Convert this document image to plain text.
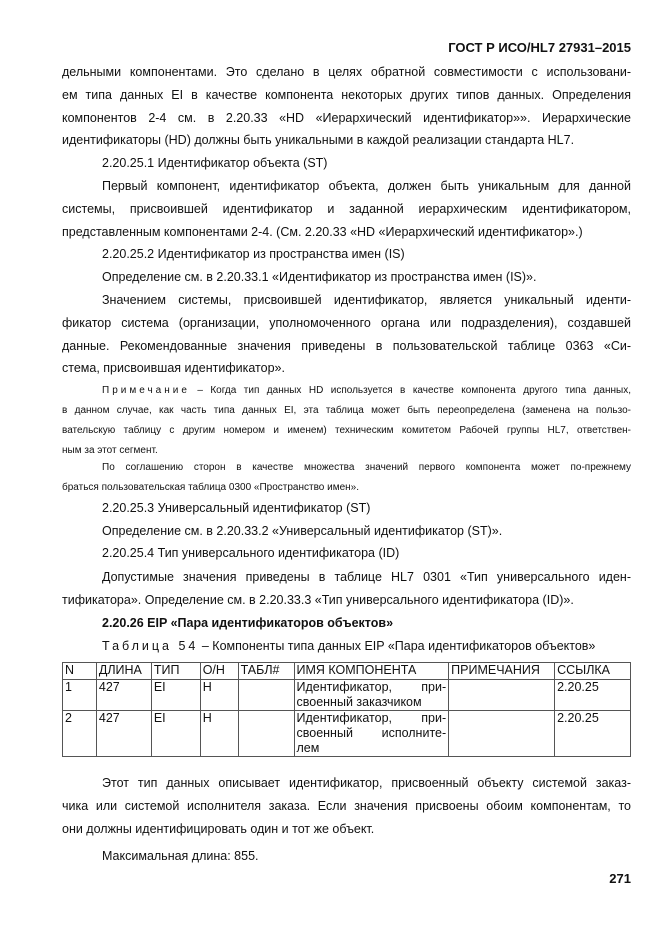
ГОСТ Р ИСО/HL7 27931–2015
дельными компонентами. Это сделано в целях обратной совместимости с использовани-
ем типа данных EI в качестве компонента некоторых других типов данных. Определения
компонентов 2-4 см. в 2.20.33 «HD «Иерархический идентификатор»». Иерархические
идентификаторы (HD) должны быть уникальными в каждой реализации стандарта HL7.
2.20.25.1 Идентификатор объекта (ST)
Первый компонент, идентификатор объекта, должен быть уникальным для данной
системы, присвоившей идентификатор и заданной иерархическим идентификатором,
представленным компонентами 2-4. (См. 2.20.33 «HD «Иерархический идентификатор».)
2.20.25.2 Идентификатор из пространства имен (IS)
Определение см. в 2.20.33.1 «Идентификатор из пространства имен (IS)».
Значением системы, присвоившей идентификатор, является уникальный иденти-
фикатор система (организации, уполномоченного органа или подразделения), создавшей
данные. Рекомендованные значения приведены в пользовательской таблице 0363 «Си-
стема, присвоившая идентификатор».
Примечание – Когда тип данных HD используется в качестве компонента другого типа данных,
в данном случае, как часть типа данных EI, эта таблица может быть переопределена (заменена на пользо-
вательскую таблицу с другим номером и именем) техническим комитетом Рабочей группы HL7, ответствен-
ным за этот сегмент.
По соглашению сторон в качестве множества значений первого компонента может по-прежнему
браться пользовательская таблица 0300 «Пространство имен».
2.20.25.3 Универсальный идентификатор (ST)
Определение см. в 2.20.33.2 «Универсальный идентификатор (ST)».
2.20.25.4 Тип универсального идентификатора (ID)
Допустимые значения приведены в таблице HL7 0301 «Тип универсального иден-
тификатора». Определение см. в 2.20.33.3 «Тип универсального идентификатора (ID)».
2.20.26 EIP «Пара идентификаторов объектов»
Таблица 54 – Компоненты типа данных EIP «Пара идентификаторов объектов»
N	ДЛИНА	ТИП	О/Н	ТАБЛ#	ИМЯ КОМПОНЕНТА	ПРИМЕЧАНИЯ	ССЫЛКА
1	427	EI	H		Идентификатор, при-
своенный заказчиком		2.20.25
2	427	EI	H		Идентификатор, при-
своенный исполните-
лем		2.20.25
Этот тип данных описывает идентификатор, присвоенный объекту системой заказ-
чика или системой исполнителя заказа. Если значения присвоены обоим компонентам, то
они должны идентифицировать один и тот же объект.
Максимальная длина: 855.
271
